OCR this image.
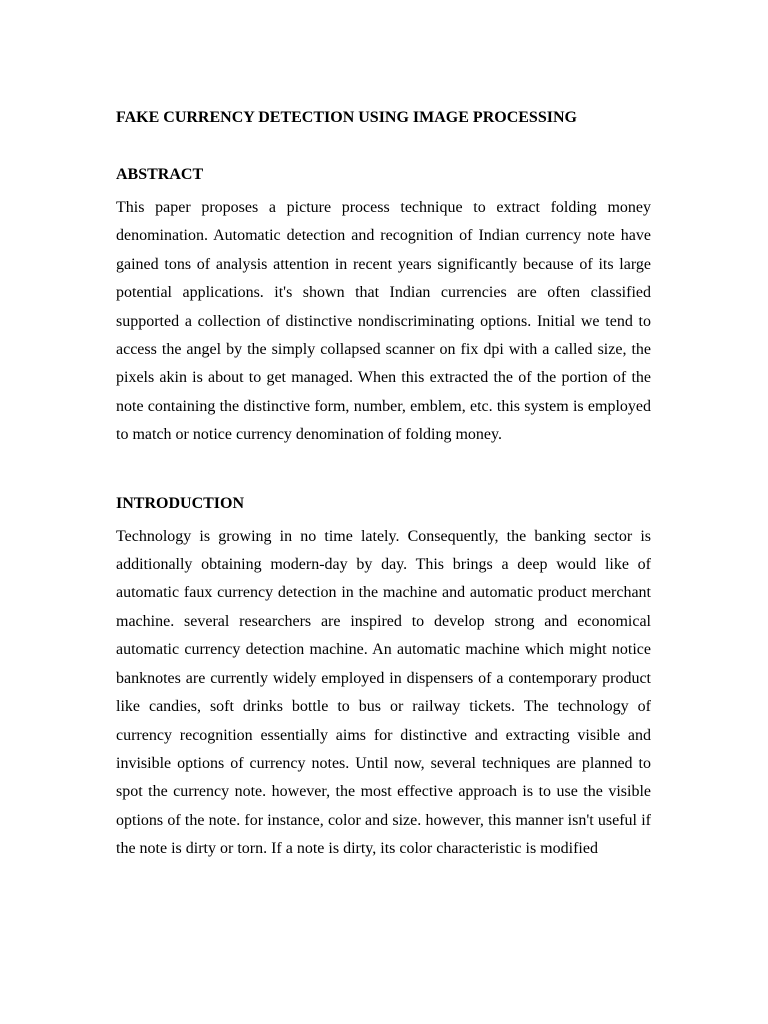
FAKE CURRENCY DETECTION USING IMAGE PROCESSING
ABSTRACT

This paper proposes a picture process technique to extract folding money denomination. Automatic detection and recognition of Indian currency note have gained tons of analysis attention in recent years significantly because of its large potential applications. it's shown that Indian currencies are often classified supported a collection of distinctive nondiscriminating options. Initial we tend to access the angel by the simply collapsed scanner on fix dpi with a called size, the pixels akin is about to get managed. When this extracted the of the portion of the note containing the distinctive form, number, emblem, etc. this system is employed to match or notice currency denomination of folding money.

INTRODUCTION

Technology is growing in no time lately. Consequently, the banking sector is additionally obtaining modern-day by day. This brings a deep would like of automatic faux currency detection in the machine and automatic product merchant machine. several researchers are inspired to develop strong and economical automatic currency detection machine. An automatic machine which might notice banknotes are currently widely employed in dispensers of a contemporary product like candies, soft drinks bottle to bus or railway tickets. The technology of currency recognition essentially aims for distinctive and extracting visible and invisible options of currency notes. Until now, several techniques are planned to spot the currency note. however, the most effective approach is to use the visible options of the note. for instance, color and size. however, this manner isn't useful if the note is dirty or torn. If a note is dirty, its color characteristic is modified
